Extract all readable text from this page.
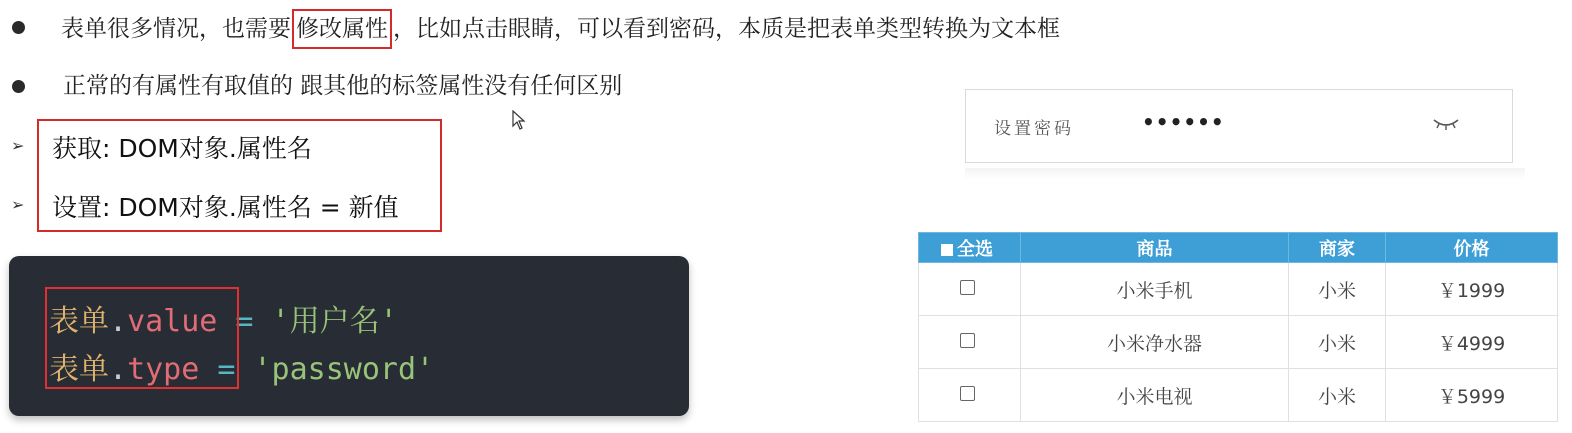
表单很多情况，也需要 修改属性 ，比如点击眼睛，可以看到密码，本质是把表单类型转换为文本框
正常的有属性有取值的 跟其他的标签属性没有任何区别
➢
➢
获取: DOM对象.属性名
设置: DOM对象.属性名 = 新值
表单.value = '用户名'
表单.type = 'password'
设置密码	••••••
全选	商品	商家	价格
	小米手机	小米	￥1999
	小米净水器	小米	￥4999
	小米电视	小米	￥5999
